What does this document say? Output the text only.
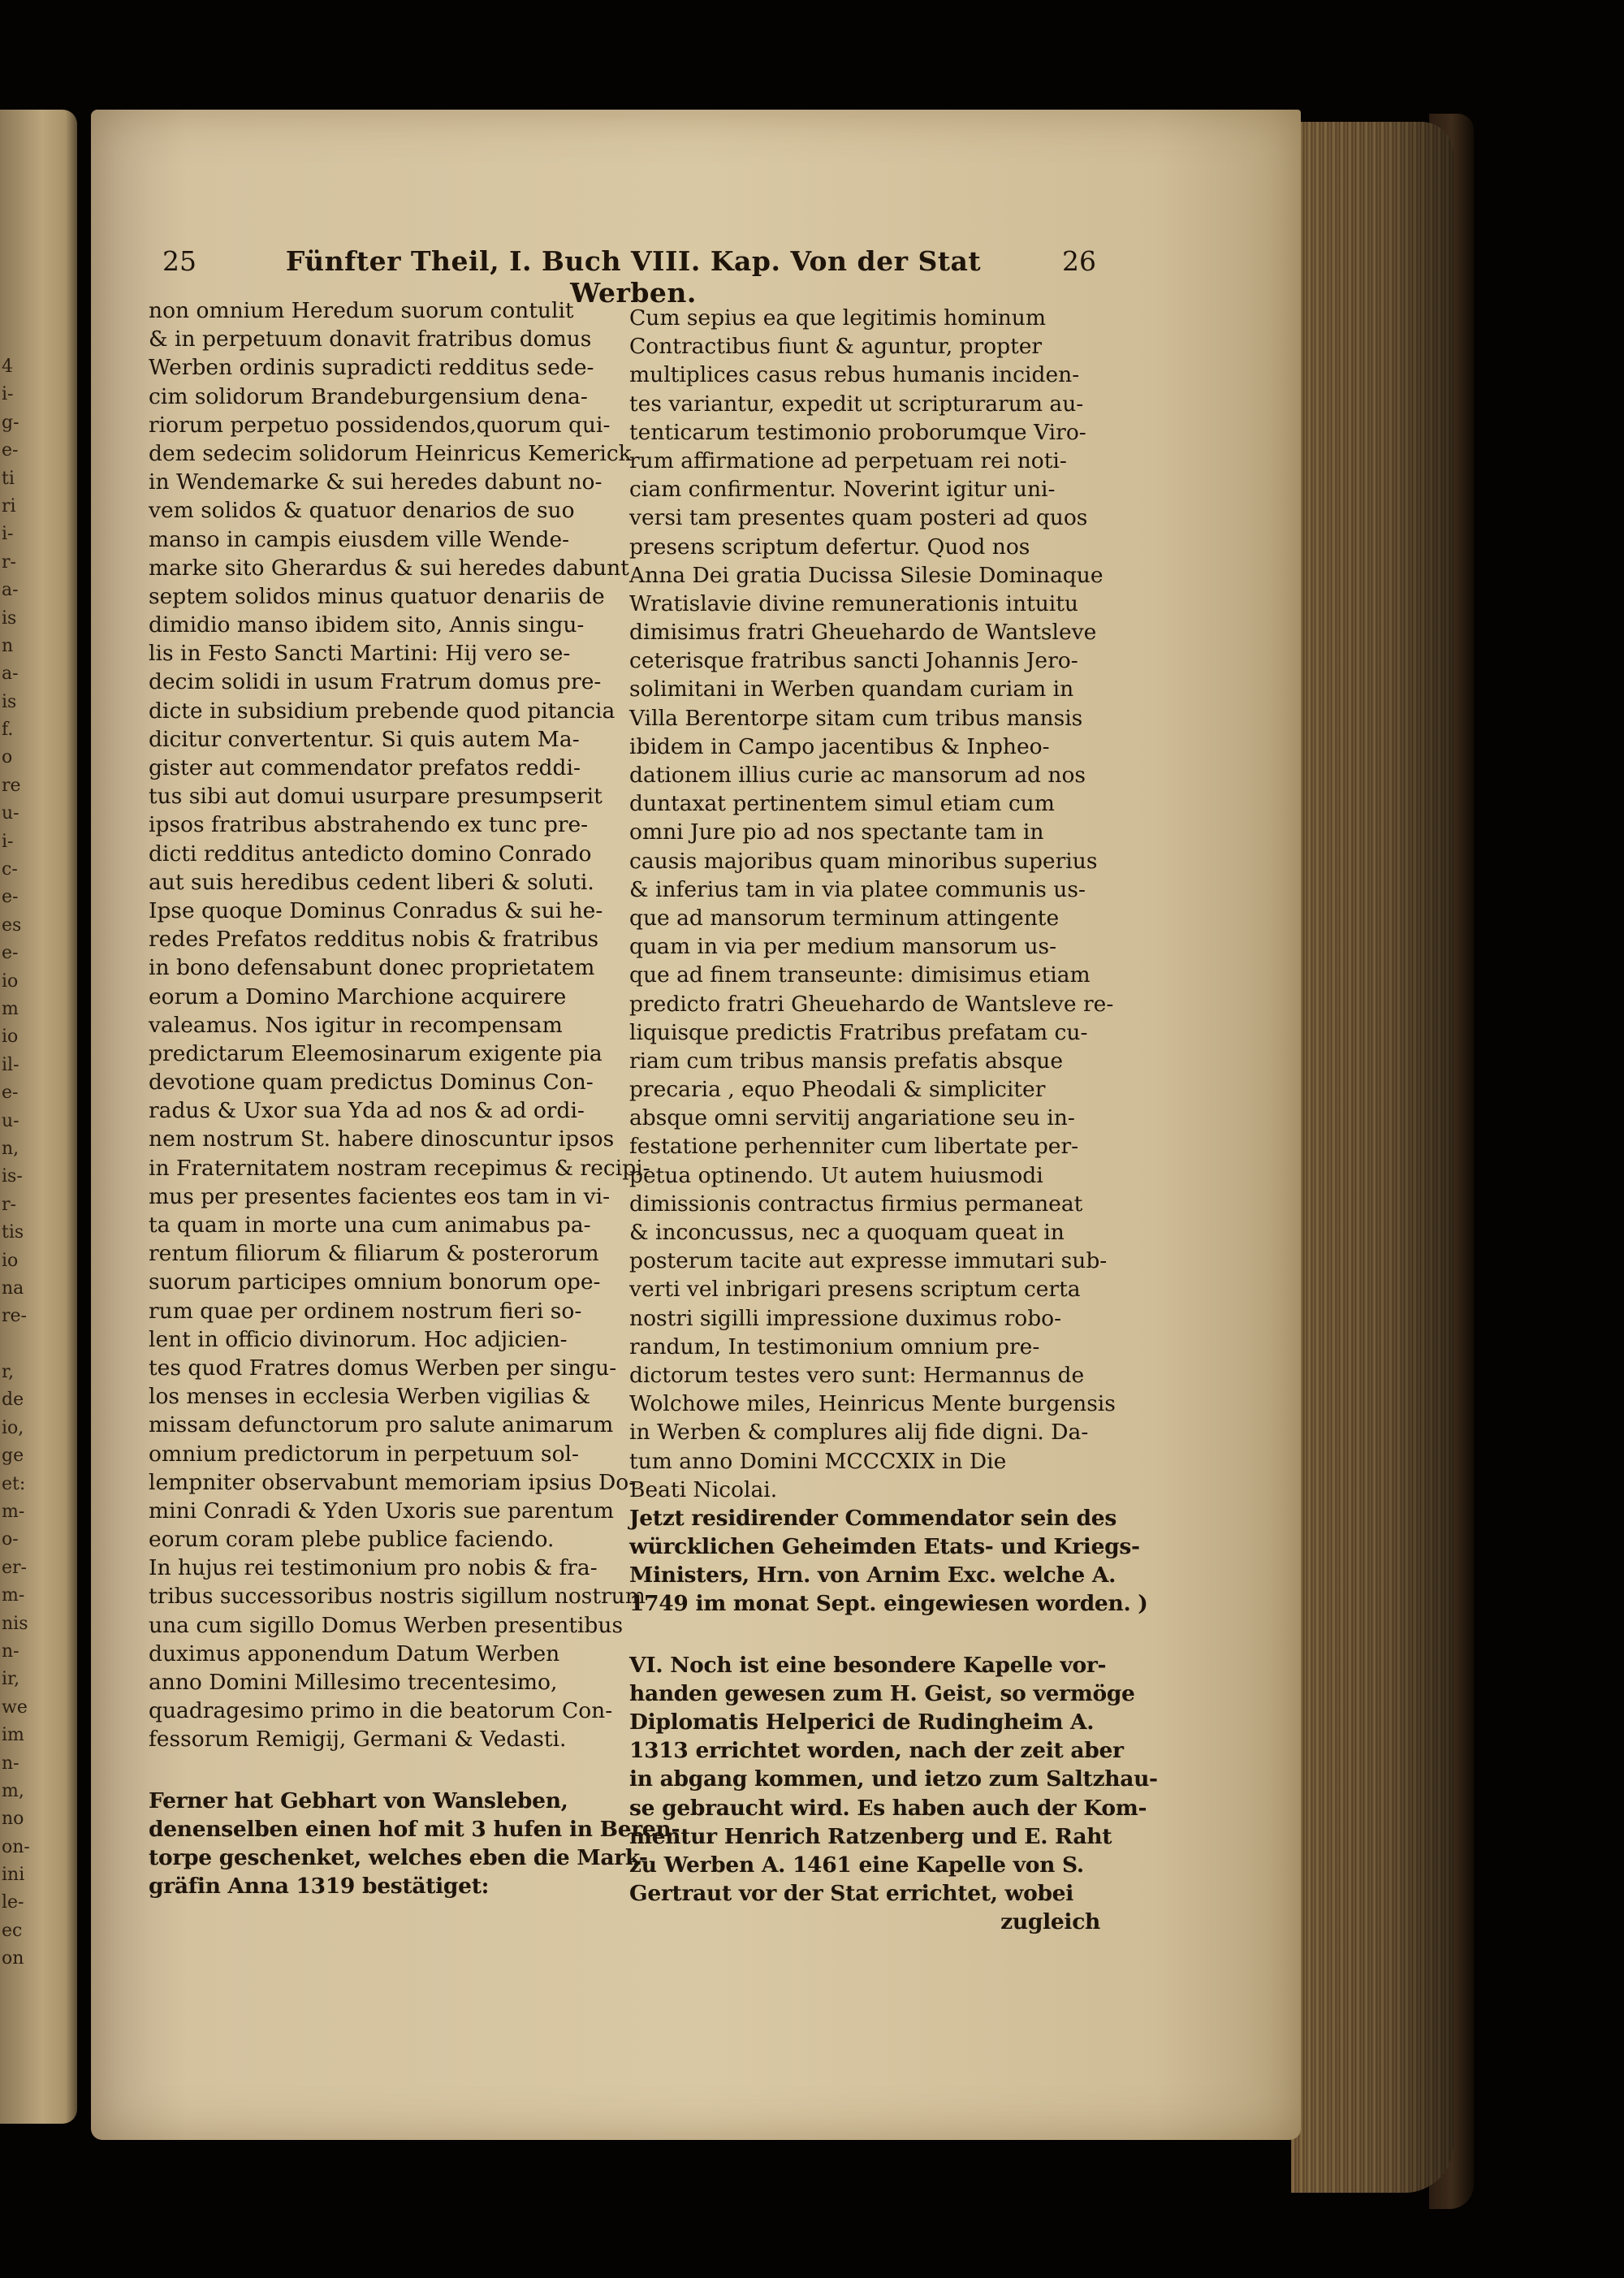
4
i-
g-
e-
ti
ri
i-
r-
a-
is
n
a-
is
f.
o
re
u-
i-
c-
e-
es
e-
io
m
io
il-
e-
u-
n,
is-
r-
tis
io
na
re-
r,
de
io,
ge
et:
m-
o-
er-
m-
nis
n-
ir,
we
im
n-
m,
no
on-
ini
le-
ec
on
25	Fünfter Theil, I. Buch VIII. Kap. Von der Stat Werben.
26
non omnium Heredum suorum contulit
& in perpetuum donavit fratribus domus
Werben ordinis supradicti redditus sede-
cim solidorum Brandeburgensium dena-
riorum perpetuo possidendos,quorum qui-
dem sedecim solidorum Heinricus Kemerick
in Wendemarke & sui heredes dabunt no-
vem solidos & quatuor denarios de suo
manso in campis eiusdem ville Wende-
marke sito Gherardus & sui heredes dabunt
septem solidos minus quatuor denariis de
dimidio manso ibidem sito, Annis singu-
lis in Festo Sancti Martini: Hij vero se-
decim solidi in usum Fratrum domus pre-
dicte in subsidium prebende quod pitancia
dicitur convertentur. Si quis autem Ma-
gister aut commendator prefatos reddi-
tus sibi aut domui usurpare presumpserit
ipsos fratribus abstrahendo ex tunc pre-
dicti redditus antedicto domino Conrado
aut suis heredibus cedent liberi & soluti.
Ipse quoque Dominus Conradus & sui he-
redes Prefatos redditus nobis & fratribus
in bono defensabunt donec proprietatem
eorum a Domino Marchione acquirere
valeamus. Nos igitur in recompensam
predictarum Eleemosinarum exigente pia
devotione quam predictus Dominus Con-
radus & Uxor sua Yda ad nos & ad ordi-
nem nostrum St. habere dinoscuntur ipsos
in Fraternitatem nostram recepimus & recipi-
mus per presentes facientes eos tam in vi-
ta quam in morte una cum animabus pa-
rentum filiorum & filiarum & posterorum
suorum participes omnium bonorum ope-
rum quae per ordinem nostrum fieri so-
lent in officio divinorum. Hoc adjicien-
tes quod Fratres domus Werben per singu-
los menses in ecclesia Werben vigilias &
missam defunctorum pro salute animarum
omnium predictorum in perpetuum sol-
lempniter observabunt memoriam ipsius Do-
mini Conradi & Yden Uxoris sue parentum
eorum coram plebe publice faciendo.
In hujus rei testimonium pro nobis & fra-
tribus successoribus nostris sigillum nostrum
una cum sigillo Domus Werben presentibus
duximus apponendum Datum Werben
anno Domini Millesimo trecentesimo,
quadragesimo primo in die beatorum Con-
fessorum Remigij, Germani & Vedasti.
Ferner hat Gebhart von Wansleben,
denenselben einen hof mit 3 hufen in Beren-
torpe geschenket, welches eben die Mark-
gräfin Anna 1319 bestätiget:
Cum sepius ea que legitimis hominum
Contractibus fiunt & aguntur, propter
multiplices casus rebus humanis inciden-
tes variantur, expedit ut scripturarum au-
tenticarum testimonio proborumque Viro-
rum affirmatione ad perpetuam rei noti-
ciam confirmentur. Noverint igitur uni-
versi tam presentes quam posteri ad quos
presens scriptum defertur. Quod nos
Anna Dei gratia Ducissa Silesie Dominaque
Wratislavie divine remunerationis intuitu
dimisimus fratri Gheuehardo de Wantsleve
ceterisque fratribus sancti Johannis Jero-
solimitani in Werben quandam curiam in
Villa Berentorpe sitam cum tribus mansis
ibidem in Campo jacentibus & Inpheo-
dationem illius curie ac mansorum ad nos
duntaxat pertinentem simul etiam cum
omni Jure pio ad nos spectante tam in
causis majoribus quam minoribus superius
& inferius tam in via platee communis us-
que ad mansorum terminum attingente
quam in via per medium mansorum us-
que ad finem transeunte: dimisimus etiam
predicto fratri Gheuehardo de Wantsleve re-
liquisque predictis Fratribus prefatam cu-
riam cum tribus mansis prefatis absque
precaria , equo Pheodali & simpliciter
absque omni servitij angariatione seu in-
festatione perhenniter cum libertate per-
petua optinendo. Ut autem huiusmodi
dimissionis contractus firmius permaneat
& inconcussus, nec a quoquam queat in
posterum tacite aut expresse immutari sub-
verti vel inbrigari presens scriptum certa
nostri sigilli impressione duximus robo-
randum, In testimonium omnium pre-
dictorum testes vero sunt: Hermannus de
Wolchowe miles, Heinricus Mente burgensis
in Werben & complures alij fide digni. Da-
tum anno Domini MCCCXIX in Die
Beati Nicolai.
Jetzt residirender Commendator sein des
würcklichen Geheimden Etats- und Kriegs-
Ministers, Hrn. von Arnim Exc. welche A.
1749 im monat Sept. eingewiesen worden. )
VI. Noch ist eine besondere Kapelle vor-
handen gewesen zum H. Geist, so vermöge
Diplomatis Helperici de Rudingheim A.
1313 errichtet worden, nach der zeit aber
in abgang kommen, und ietzo zum Saltzhau-
se gebraucht wird. Es haben auch der Kom-
mentur Henrich Ratzenberg und E. Raht
zu Werben A. 1461 eine Kapelle von S.
Gertraut vor der Stat errichtet, wobei
zugleich
